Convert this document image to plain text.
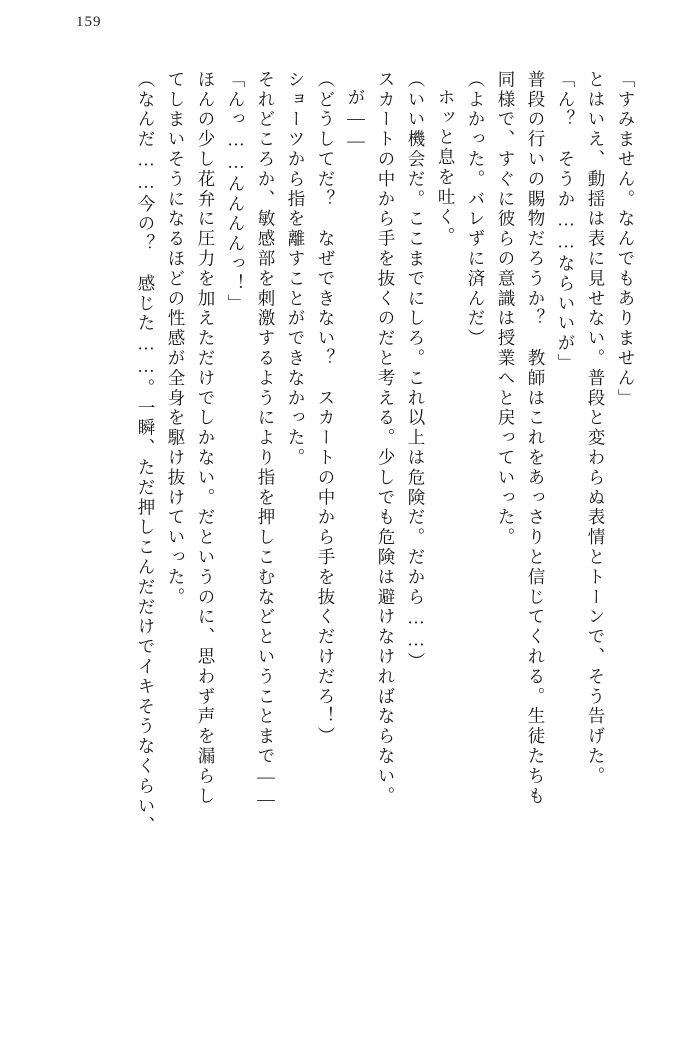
159
「すみません。なんでもありません」
とはいえ、動揺は表に見せない。普段と変わらぬ表情とトーンで、そう告げた。
「ん？　そうか……ならいいが」
普段の行いの賜物だろうか？　教師はこれをあっさりと信じてくれる。生徒たちも
同様で、すぐに彼らの意識は授業へと戻っていった。
（よかった。バレずに済んだ）
ホッと息を吐く。
（いい機会だ。ここまでにしろ。これ以上は危険だ。だから……）
スカートの中から手を抜くのだと考える。少しでも危険は避けなければならない。
が——
（どうしてだ？　なぜできない？　スカートの中から手を抜くだけだろ！）
ショーツから指を離すことができなかった。
それどころか、敏感部を刺激するようにより指を押しこむなどということまで——
「んっ……んんんんっ！」
ほんの少し花弁に圧力を加えただけでしかない。だというのに、思わず声を漏らし
てしまいそうになるほどの性感が全身を駆け抜けていった。
（なんだ……今の？　感じた……。一瞬、ただ押しこんだだけでイキそうなくらい、
